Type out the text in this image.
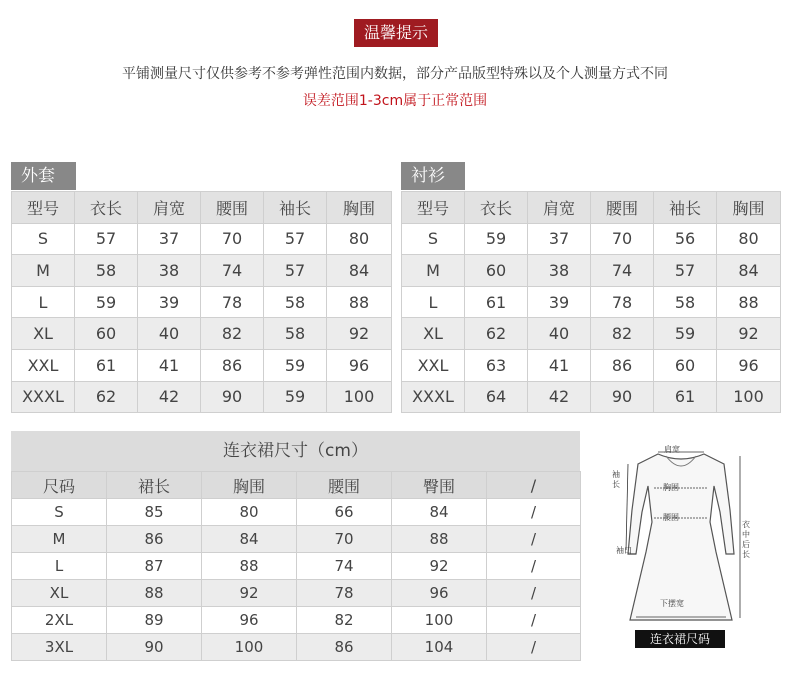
温馨提示
平铺测量尺寸仅供参考不参考弹性范围内数据，部分产品版型特殊以及个人测量方式不同
误差范围1-3cm属于正常范围
外套
型号	衣长	肩宽	腰围	袖长	胸围
S	57	37	70	57	80
M	58	38	74	57	84
L	59	39	78	58	88
XL	60	40	82	58	92
XXL	61	41	86	59	96
XXXL	62	42	90	59	100
衬衫
型号	衣长	肩宽	腰围	袖长	胸围
S	59	37	70	56	80
M	60	38	74	57	84
L	61	39	78	58	88
XL	62	40	82	59	92
XXL	63	41	86	60	96
XXXL	64	42	90	61	100
连衣裙尺寸（cm）
尺码	裙长	胸围	腰围	臀围	/
S	85	80	66	84	/
M	86	84	70	88	/
L	87	88	74	92	/
XL	88	92	78	96	/
2XL	89	96	82	100	/
3XL	90	100	86	104	/
肩宽
胸围
腰围
袖长
袖口
下摆宽
衣中后长
连衣裙尺码
